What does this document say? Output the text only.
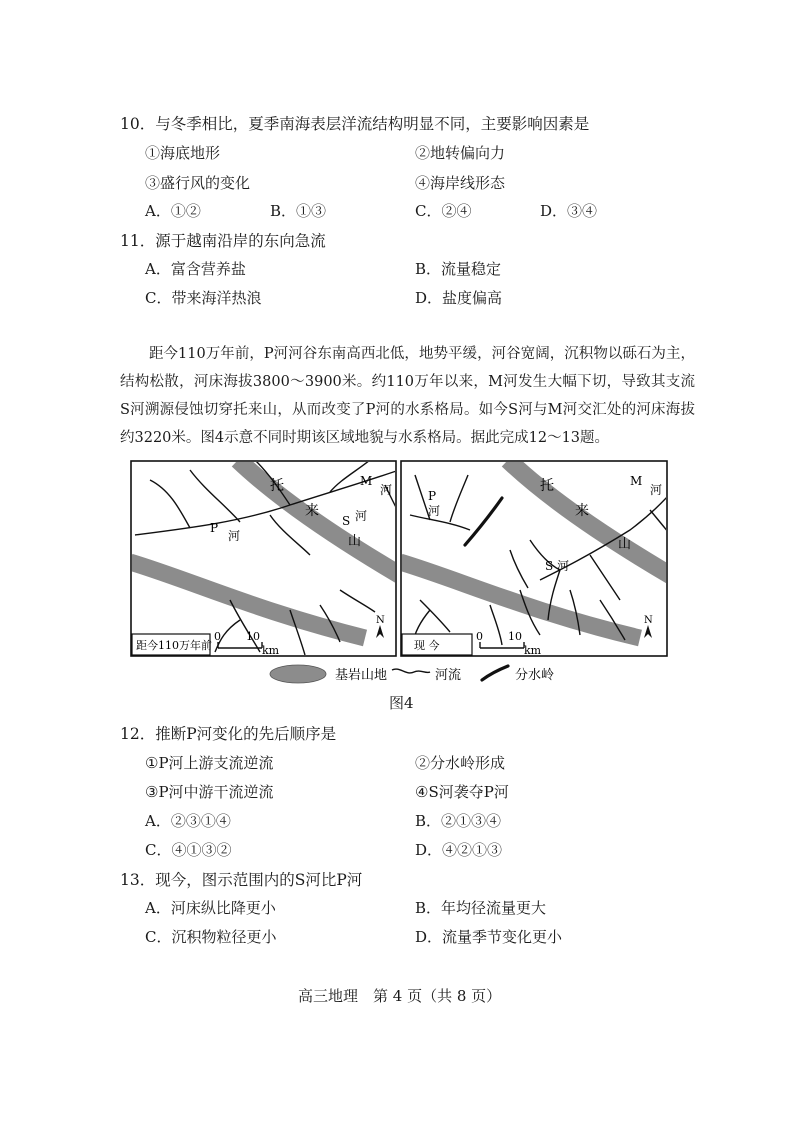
10．与冬季相比，夏季南海表层洋流结构明显不同，主要影响因素是
①海底地形	②地转偏向力
③盛行风的变化	④海岸线形态
A．①②	B．①③	C．②④	D．③④
11．源于越南沿岸的东向急流
A．富含营养盐	B．流量稳定
C．带来海洋热浪	D．盐度偏高

距今110万年前，P河河谷东南高西北低，地势平缓，河谷宽阔，沉积物以砾石为主，结构松散，河床海拔3800～3900米。约110万年以来，M河发生大幅下切，导致其支流S河溯源侵蚀切穿托来山，从而改变了P河的水系格局。如今S河与M河交汇处的河床海拔约3220米。图4示意不同时期该区域地貌与水系格局。据此完成12～13题。

托
来
山
M
河
S 河
P
河
托来南山
距今110万年前
0 10
km
N
托
来
山
M
河
P
河
S 河
托来南山
现 今
0 10
km
N
基岩山地	河流	分水岭
图4
12．推断P河变化的先后顺序是
①P河上游支流逆流	②分水岭形成
③P河中游干流逆流	④S河袭夺P河
A．②③①④	B．②①③④
C．④①③②	D．④②①③
13．现今，图示范围内的S河比P河
A．河床纵比降更小	B．年均径流量更大
C．沉积物粒径更小	D．流量季节变化更小
高三地理　第 4 页（共 8 页）
